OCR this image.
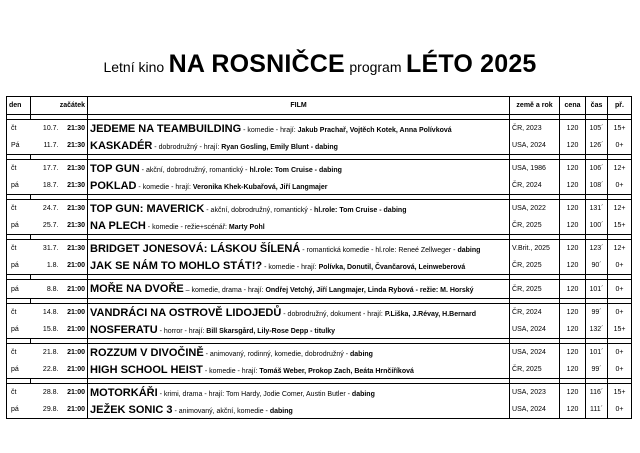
Letní kino NA ROSNIČCE program LÉTO 2025
den	začátek		FILM	země a rok	cena	čas	př.

čt	10.7.	21:30	JEDEME NA TEAMBUILDING - komedie - hrají: Jakub Prachař, Vojtěch Kotek, Anna Polívková	ČR, 2023	120	105´	15+
Pá	11.7.	21:30	KASKADÉR - dobrodružný - hrají: Ryan Gosling, Emily Blunt - dabing	USA, 2024	120	126´	0+

čt	17.7.	21:30	TOP GUN - akční, dobrodružný, romantický - hl.role: Tom Cruise - dabing	USA, 1986	120	106´	12+
pá	18.7.	21:30	POKLAD - komedie - hrají: Veronika Khek-Kubařová, Jiří Langmajer	ČR, 2024	120	108´	0+

čt	24.7.	21:30	TOP GUN: MAVERICK - akční, dobrodružný, romantický - hl.role: Tom Cruise - dabing	USA, 2022	120	131´	12+
pá	25.7.	21:30	NA PLECH - komedie - režie+scénář: Marty Pohl	ČR, 2025	120	100´	15+

čt	31.7.	21:30	BRIDGET JONESOVÁ: LÁSKOU ŠÍLENÁ - romantická komedie - hl.role: Reneé Zellweger - dabing	V.Brit., 2025	120	123´	12+
pá	1.8.	21:00	JAK SE NÁM TO MOHLO STÁT!? - komedie - hrají: Polívka, Donutil, Čvančarová, Leinweberová	ČR, 2025	120	90´	0+

pá	8.8.	21:00	MOŘE NA DVOŘE – komedie, drama - hrají: Ondřej Vetchý, Jiří Langmajer, Linda Rybová - režie: M. Horský	ČR, 2025	120	101´	0+

čt	14.8.	21:00	VANDRÁCI NA OSTROVĚ LIDOJEDŮ - dobrodružný, dokument - hrají: P.Liška, J.Révay, H.Bernard	ČR, 2024	120	99´	0+
pá	15.8.	21:00	NOSFERATU - horror - hrají: Bill Skarsgård, Lily-Rose Depp - titulky	USA, 2024	120	132´	15+

čt	21.8.	21:00	ROZZUM V DIVOČINĚ - animovaný, rodinný, komedie, dobrodružný - dabing	USA, 2024	120	101´	0+
pá	22.8.	21:00	HIGH SCHOOL HEIST - komedie - hrají: Tomáš Weber, Prokop Zach, Beáta Hrnčiříková	ČR, 2025	120	99´	0+

čt	28.8.	21:00	MOTORKÁŘI - krimi, drama - hrají: Tom Hardy, Jodie Comer, Austin Butler - dabing	USA, 2023	120	116´	15+
pá	29.8.	21:00	JEŽEK SONIC 3 - animovaný, akční, komedie - dabing	USA, 2024	120	111´	0+
